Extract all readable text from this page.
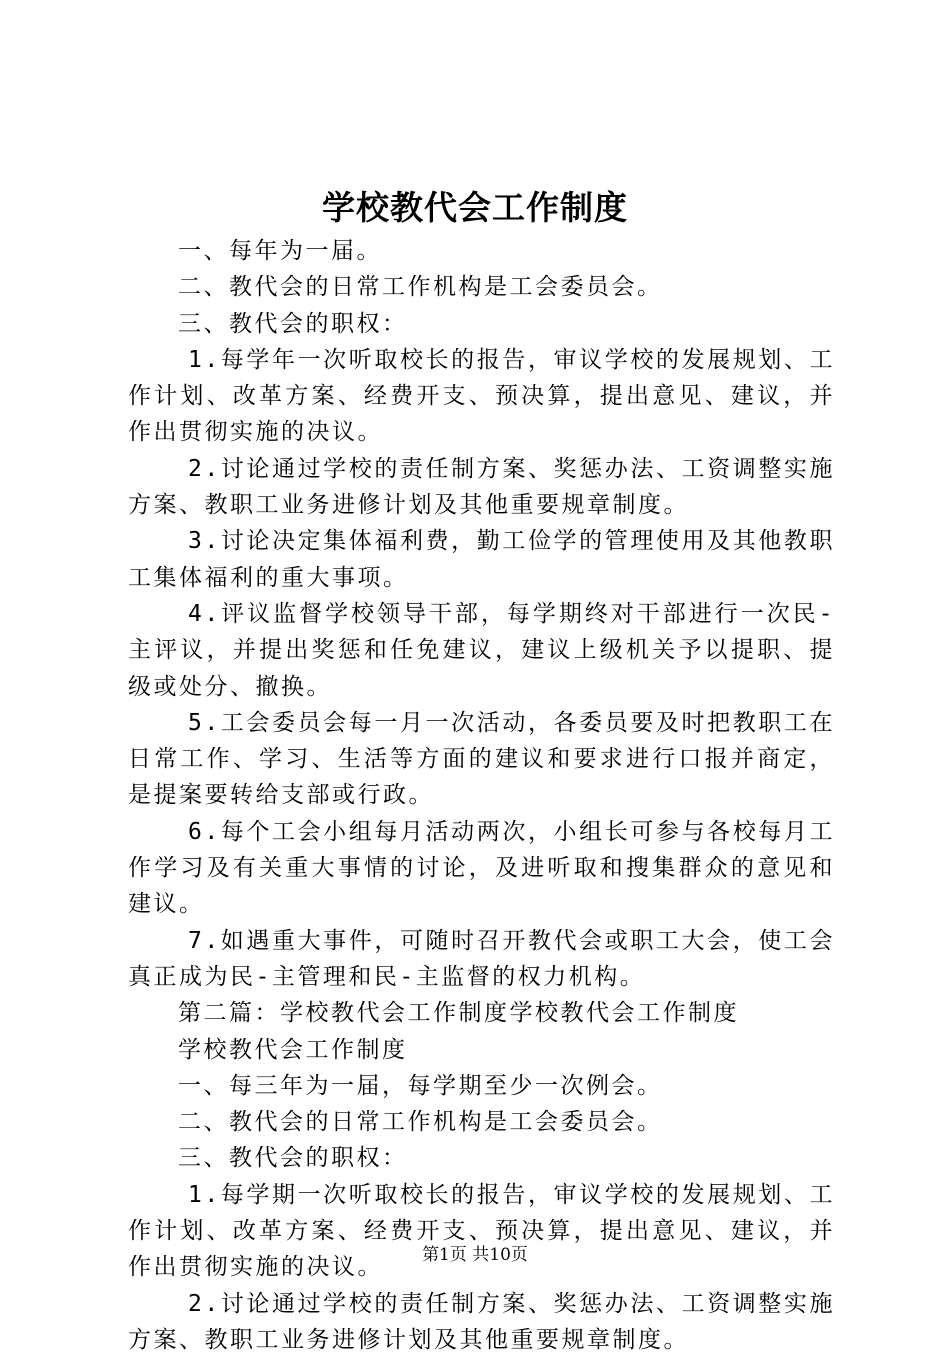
学校教代会工作制度

一、每年为一届。

二、教代会的日常工作机构是工会委员会。

三、教代会的职权：

1.每学年一次听取校长的报告，审议学校的发展规划、工作计划、改革方案、经费开支、预决算，提出意见、建议，并作出贯彻实施的决议。

2.讨论通过学校的责任制方案、奖惩办法、工资调整实施方案、教职工业务进修计划及其他重要规章制度。

3.讨论决定集体福利费，勤工俭学的管理使用及其他教职工集体福利的重大事项。

4.评议监督学校领导干部，每学期终对干部进行一次民-主评议，并提出奖惩和任免建议，建议上级机关予以提职、提级或处分、撤换。

5.工会委员会每一月一次活动，各委员要及时把教职工在日常工作、学习、生活等方面的建议和要求进行口报并商定，是提案要转给支部或行政。

6.每个工会小组每月活动两次，小组长可参与各校每月工作学习及有关重大事情的讨论，及进听取和搜集群众的意见和建议。

7.如遇重大事件，可随时召开教代会或职工大会，使工会真正成为民-主管理和民-主监督的权力机构。

第二篇：学校教代会工作制度学校教代会工作制度

学校教代会工作制度

一、每三年为一届，每学期至少一次例会。

二、教代会的日常工作机构是工会委员会。

三、教代会的职权：

1.每学期一次听取校长的报告，审议学校的发展规划、工作计划、改革方案、经费开支、预决算，提出意见、建议，并作出贯彻实施的决议。

2.讨论通过学校的责任制方案、奖惩办法、工资调整实施方案、教职工业务进修计划及其他重要规章制度。

第1页 共10页
